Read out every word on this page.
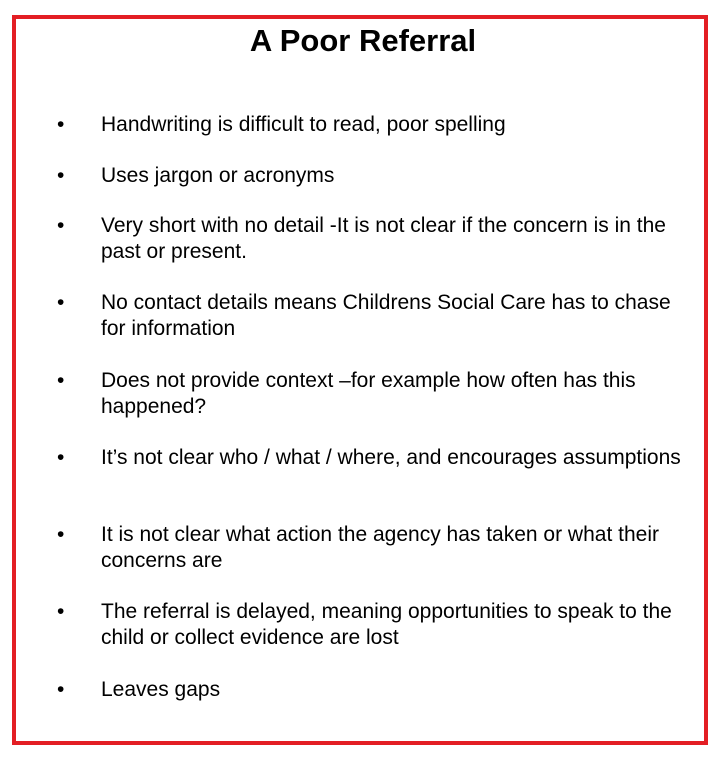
A Poor Referral
•	Handwriting is difficult to read, poor spelling
•	Uses jargon or acronyms
•	Very short with no detail -It is not clear if the concern is in the past or present.
•	No contact details means Childrens Social Care has to chase for information
•	Does not provide context –for example how often has this happened?
•	It’s not clear who / what / where, and encourages assumptions
•	It is not clear what action the agency has taken or what their concerns are
•	The referral is delayed, meaning opportunities to speak to the child or collect evidence are lost
•	Leaves gaps
